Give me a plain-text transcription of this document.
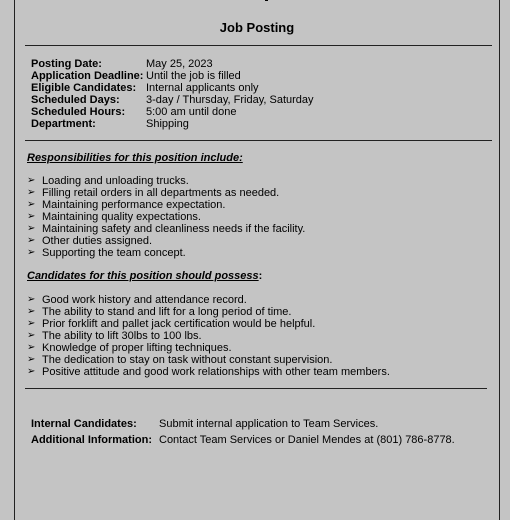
Job Posting
Posting Date:	May 25, 2023
Application Deadline: Until the job is filled
Eligible Candidates: Internal applicants only
Scheduled Days:	3-day / Thursday, Friday, Saturday
Scheduled Hours:	5:00 am until done
Department:	Shipping
Responsibilities for this position include:
➢ Loading and unloading trucks.
➢ Filling retail orders in all departments as needed.
➢ Maintaining performance expectation.
➢ Maintaining quality expectations.
➢ Maintaining safety and cleanliness needs if the facility.
➢ Other duties assigned.
➢ Supporting the team concept.
Candidates for this position should possess:
➢ Good work history and attendance record.
➢ The ability to stand and lift for a long period of time.
➢ Prior forklift and pallet jack certification would be helpful.
➢ The ability to lift 30lbs to 100 lbs.
➢ Knowledge of proper lifting techniques.
➢ The dedication to stay on task without constant supervision.
➢ Positive attitude and good work relationships with other team members.
Internal Candidates:	Submit internal application to Team Services.
Additional Information: Contact Team Services or Daniel Mendes at (801) 786-8778.
